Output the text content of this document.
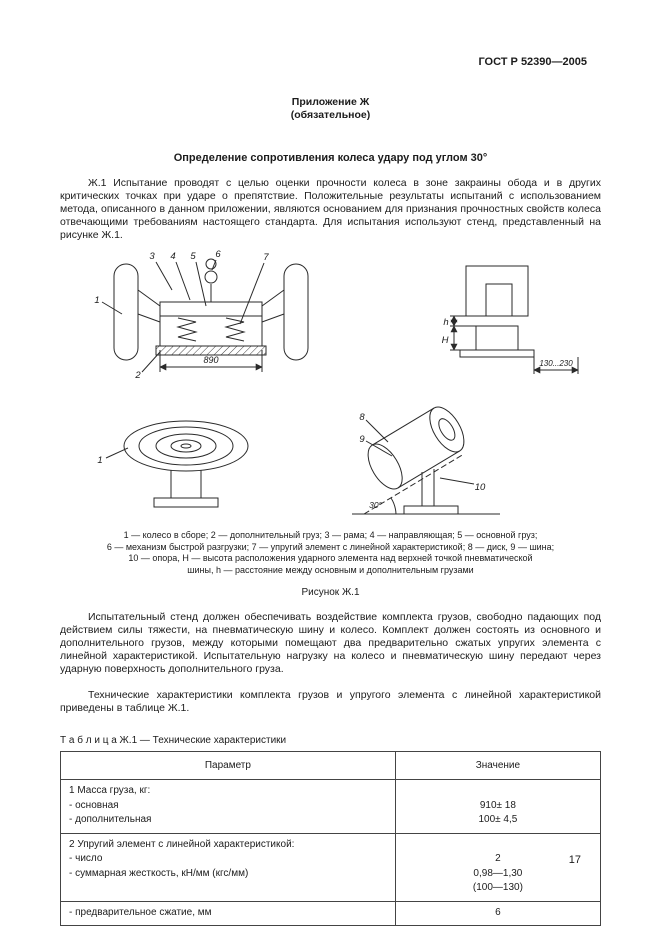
ГОСТ Р 52390—2005
Приложение Ж
(обязательное)
Определение сопротивления колеса удару под углом 30°

Ж.1 Испытание проводят с целью оценки прочности колеса в зоне закраины обода и в других критических точках при ударе о препятствие. Положительные результаты испытаний с использованием метода, описанного в данном приложении, являются основанием для признания прочностных свойств колеса отвечающими требованиям настоящего стандарта. Для испытания используют стенд, представленный на рисунке Ж.1.

890
3 4 5 6	7
1
2
h
Н
130...230
1
8
9
10
30°
1 — колесо в сборе; 2 — дополнительный груз; 3 — рама; 4 — направляющая; 5 — основной груз;
6 — механизм быстрой разгрузки; 7 — упругий элемент с линейной характеристикой; 8 — диск, 9 — шина;
10 — опора, Н — высота расположения ударного элемента над верхней точкой пневматической
шины, h — расстояние между основным и дополнительным грузами
Рисунок Ж.1

Испытательный стенд должен обеспечивать воздействие комплекта грузов, свободно падающих под действием силы тяжести, на пневматическую шину и колесо. Комплект должен состоять из основного и дополнительного грузов, между которыми помещают два предварительно сжатых упругих элемента с линейной характеристикой. Испытательную нагрузку на колесо и пневматическую шину передают через ударную поверхность дополнительного груза.

Технические характеристики комплекта грузов и упругого элемента с линейной характеристикой приведены в таблице Ж.1.

Т а б л и ц а Ж.1 — Технические характеристики
Параметр	Значение
1 Масса груза, кг:	
- основная	910± 18
- дополнительная	100± 4,5
2 Упругий элемент с линейной характеристикой:	
- число	2
- суммарная жесткость, кН/мм (кгс/мм)	0,98—1,30
	(100—130)
- предварительное сжатие, мм	6
17
